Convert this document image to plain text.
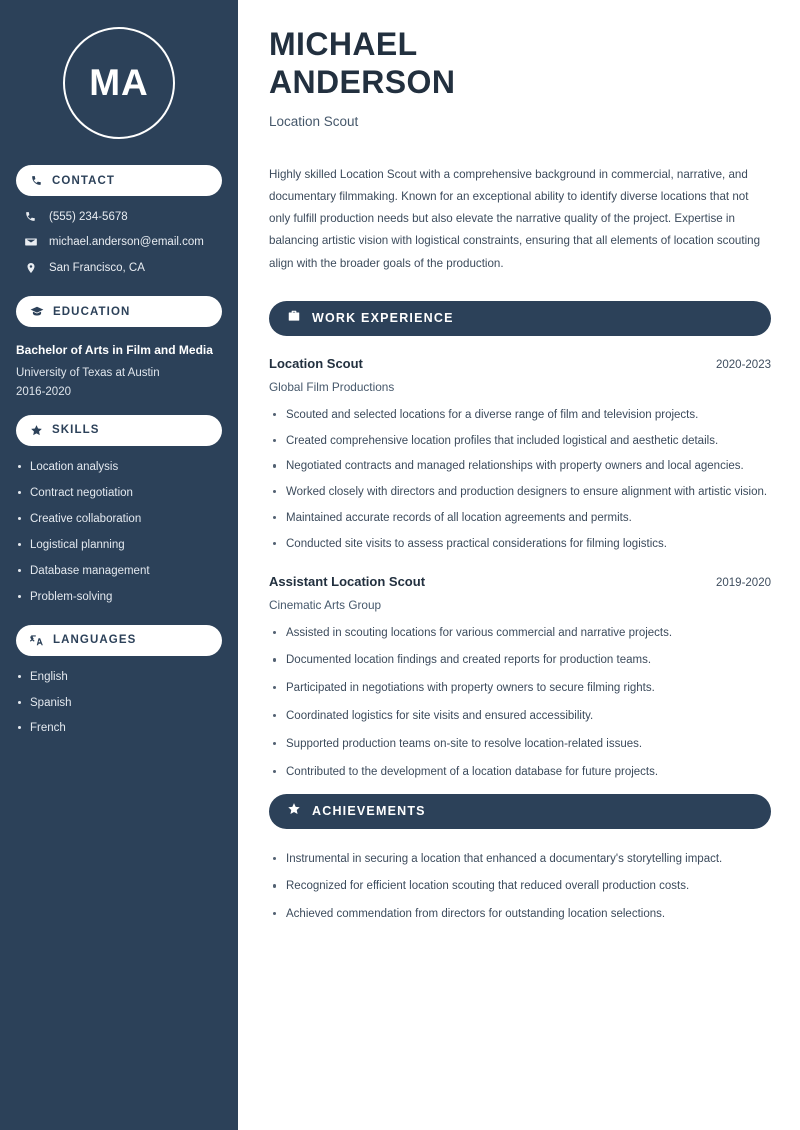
MA
CONTACT
(555) 234-5678
michael.anderson@email.com
San Francisco, CA
EDUCATION
Bachelor of Arts in Film and Media
University of Texas at Austin
2016-2020
SKILLS
Location analysis
Contract negotiation
Creative collaboration
Logistical planning
Database management
Problem-solving
LANGUAGES
English
Spanish
French
MICHAEL
ANDERSON
Location Scout

Highly skilled Location Scout with a comprehensive background in commercial, narrative, and documentary filmmaking. Known for an exceptional ability to identify diverse locations that not only fulfill production needs but also elevate the narrative quality of the project. Expertise in balancing artistic vision with logistical constraints, ensuring that all elements of location scouting align with the broader goals of the production.

WORK EXPERIENCE
Location Scout	2020-2023
Global Film Productions
Scouted and selected locations for a diverse range of film and television projects.
Created comprehensive location profiles that included logistical and aesthetic details.
Negotiated contracts and managed relationships with property owners and local agencies.
Worked closely with directors and production designers to ensure alignment with artistic vision.
Maintained accurate records of all location agreements and permits.
Conducted site visits to assess practical considerations for filming logistics.
Assistant Location Scout	2019-2020
Cinematic Arts Group
Assisted in scouting locations for various commercial and narrative projects.
Documented location findings and created reports for production teams.
Participated in negotiations with property owners to secure filming rights.
Coordinated logistics for site visits and ensured accessibility.
Supported production teams on-site to resolve location-related issues.
Contributed to the development of a location database for future projects.
ACHIEVEMENTS
Instrumental in securing a location that enhanced a documentary's storytelling impact.
Recognized for efficient location scouting that reduced overall production costs.
Achieved commendation from directors for outstanding location selections.
